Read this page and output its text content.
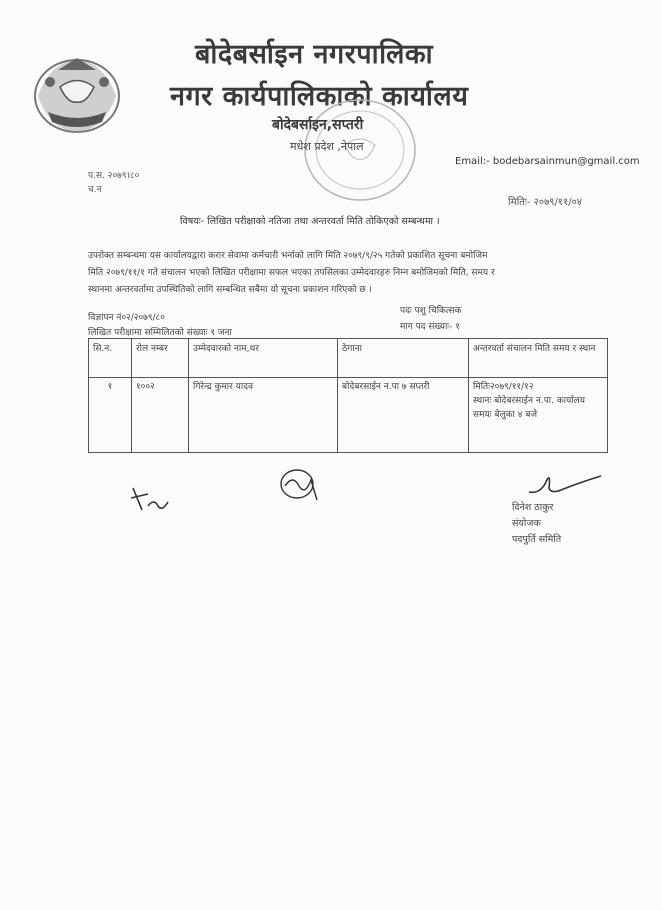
बोदेबर्साइन नगरपालिका
नगर कार्यपालिकाको कार्यालय
बोदेबर्साइन,सप्तरी
मधेश प्रदेश ,नेपाल
Email:- bodebarsainmun@gmail.com
प.स. २०७९।८०
च.न
मितिः- २०७९/११/०४
विषयः- लिखित परीक्षाको नतिजा तथा अन्तरवर्ता मिति तोकिएको सम्बन्धमा ।
उपरोक्त सम्बन्धमा यस कार्यालयद्वारा करार सेवामा कर्मचारी भर्नाको लागि मिति २०७९/९/२५ गतेको प्रकाशित सूचना बमोजिम
मिति २०७९/११/१ गते संचालन भएको लिखित परीक्षामा सफल भएका तपसिलका उम्मेदवारहरु निम्न बमोजिमको मिति, समय र
स्थानमा अन्तरवर्तामा उपस्थितिको लागि सम्बन्धित सबैमा यो सूचना प्रकाशन गरिएको छ ।
विज्ञापन नं०२/२०७९/८०
लिखित परीक्षामा सम्मिलितको संख्याः १ जना
पदः पशु चिकित्सक
माग पद संख्याः- १
सि.न.	रोल नम्बर	उम्मेदवारको नाम,थर	ठेगाना	अन्तरवर्ता संचालन मिति समय र स्थान
१	१००२	गिरेन्द्र कुमार यादव	बोदेबरसाईन न.पा ७ सप्तरी	मितिः२०७९/११/१२
स्थानः बोदेबरसाईन न.पा. कार्यालय
समयः बेलुका ४ बजे
दिनेश ठाकुर
संयोजक
पदपुर्ति समिति
